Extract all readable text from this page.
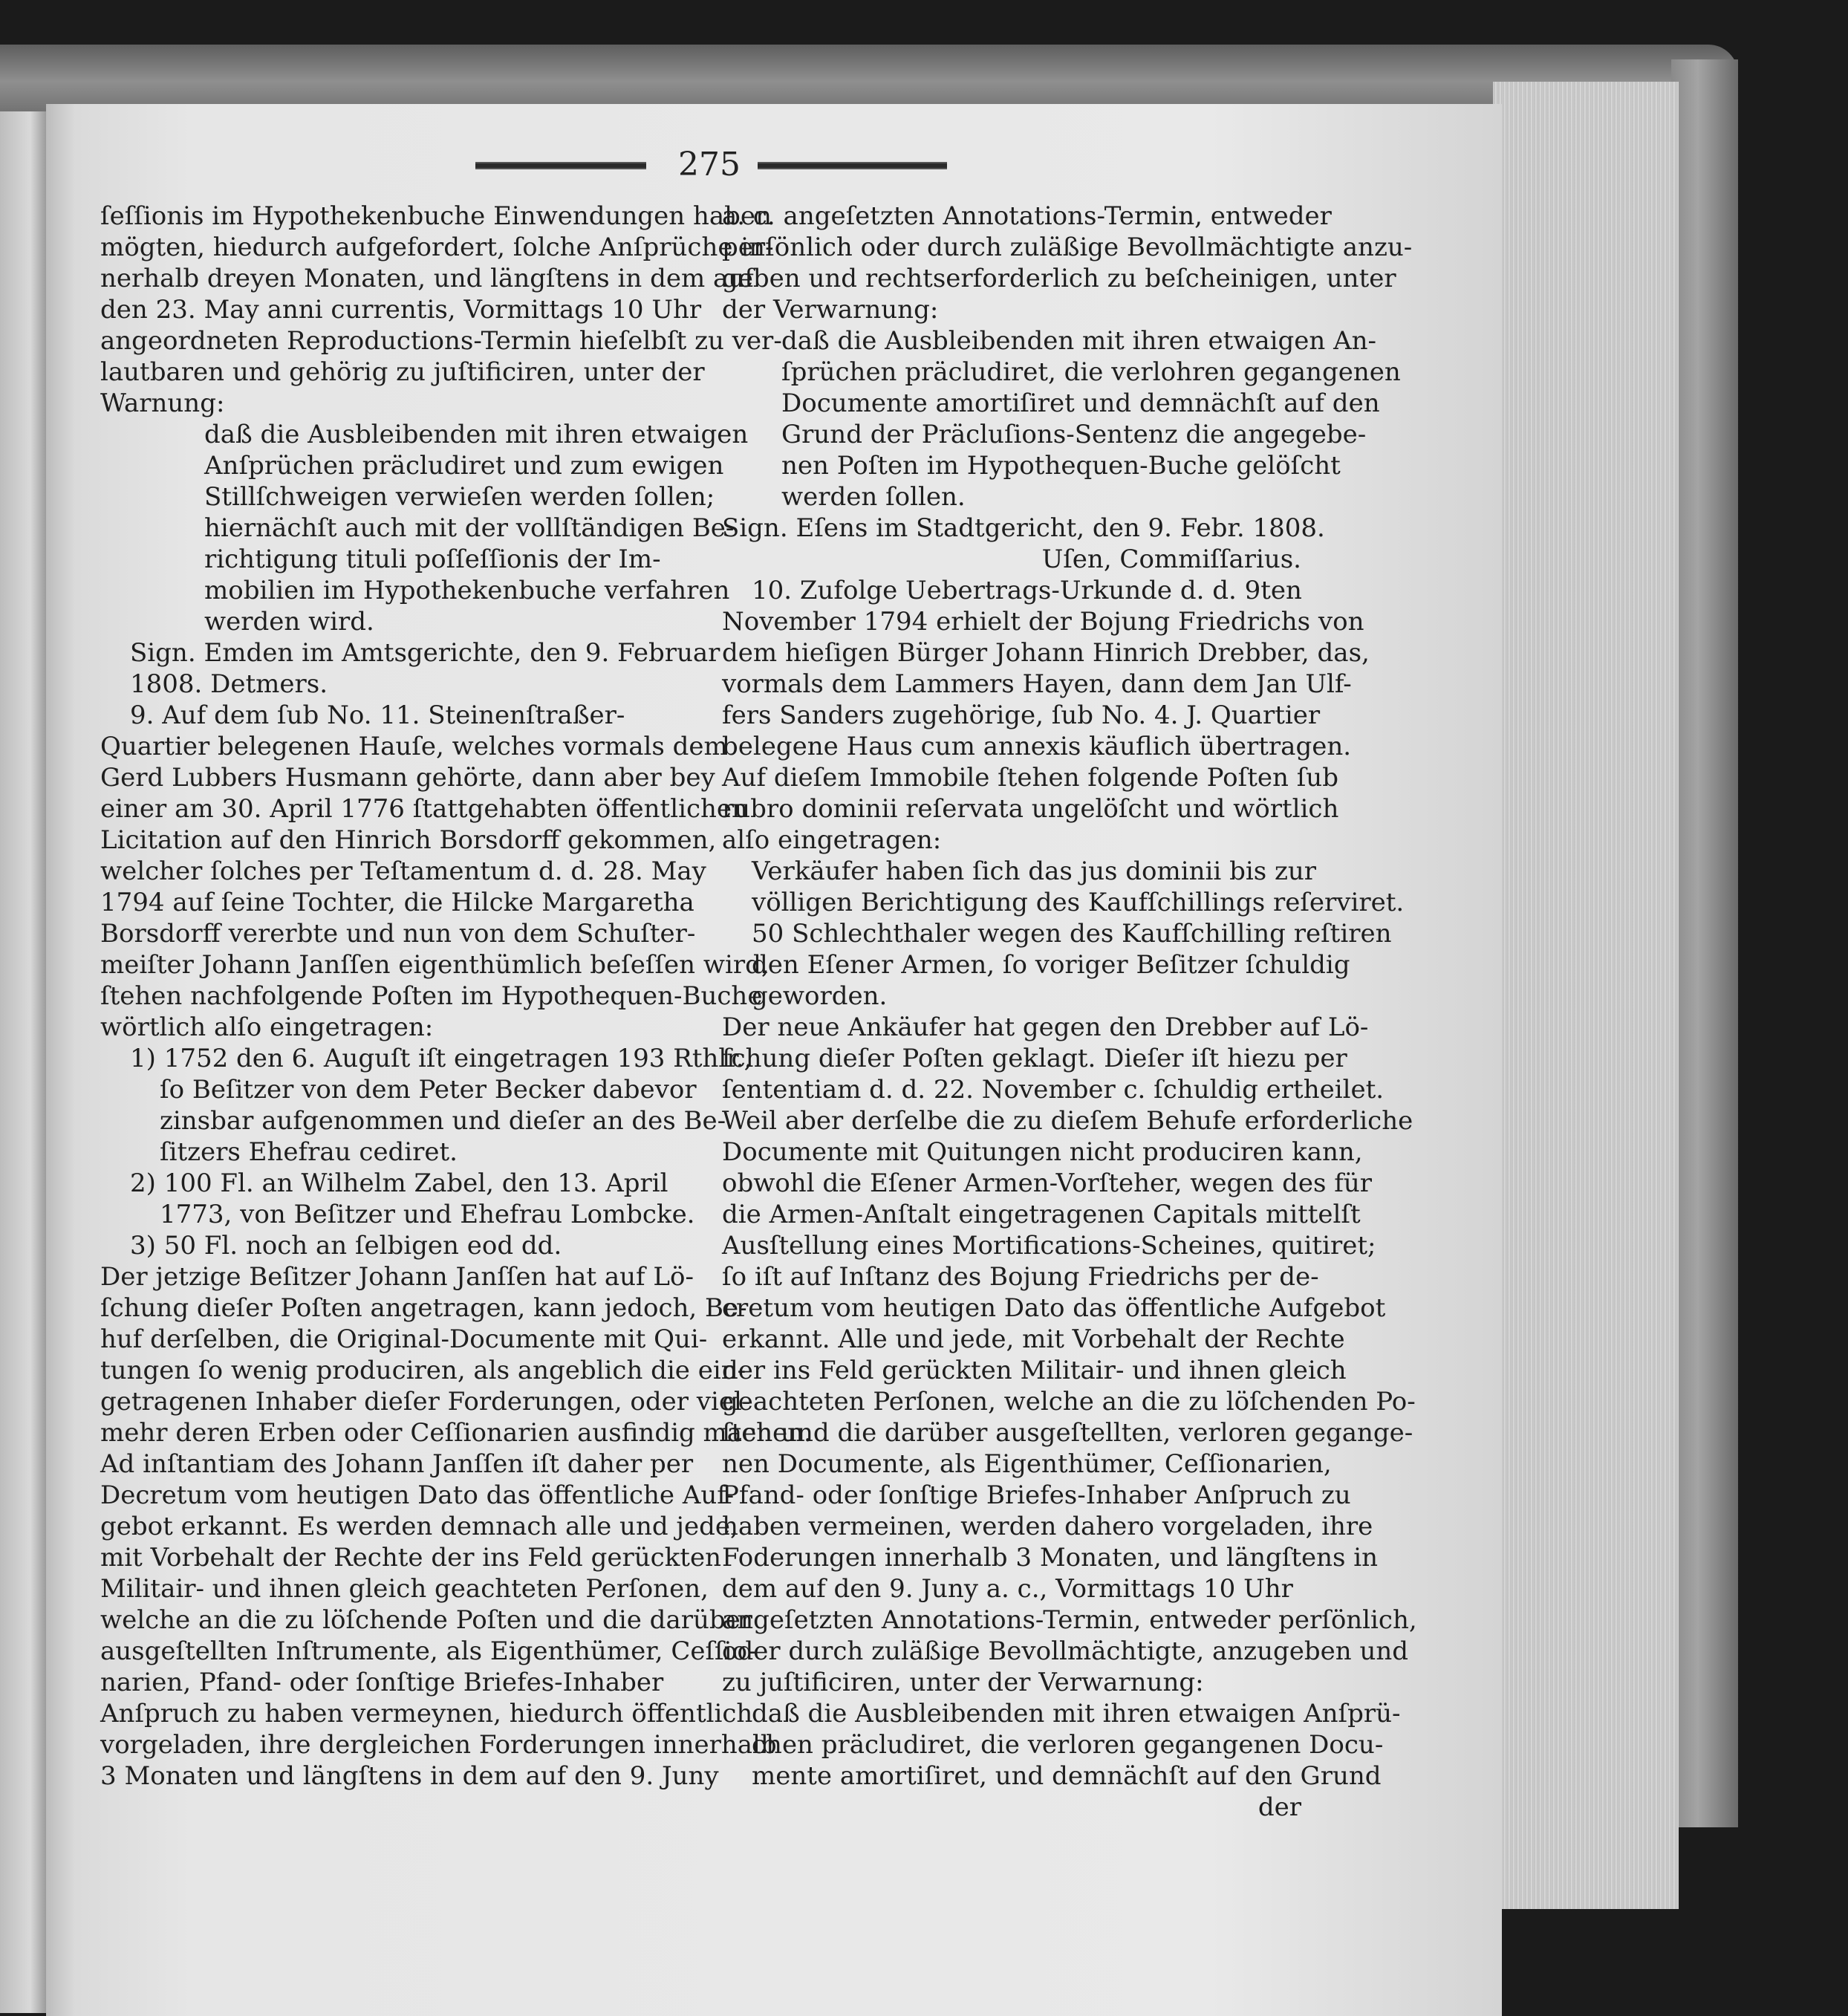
275
ſeſſionis im Hypothekenbuche Einwendungen haben
mögten, hiedurch aufgefordert, ſolche Anſprüche in-
nerhalb dreyen Monaten, und längſtens in dem auf
den 23. May anni currentis, Vormittags 10 Uhr
angeordneten Reproductions-Termin hieſelbſt zu ver-
lautbaren und gehörig zu juſtificiren, unter der
Warnung:
daß die Ausbleibenden mit ihren etwaigen
Anſprüchen präcludiret und zum ewigen
Stillſchweigen verwieſen werden ſollen;
hiernächſt auch mit der vollſtändigen Be-
richtigung tituli poſſeſſionis der Im-
mobilien im Hypothekenbuche verfahren
werden wird.
Sign. Emden im Amtsgerichte, den 9. Februar
1808. Detmers.
9. Auf dem ſub No. 11. Steinenſtraßer-
Quartier belegenen Hauſe, welches vormals dem
Gerd Lubbers Husmann gehörte, dann aber bey
einer am 30. April 1776 ſtattgehabten öffentlichen
Licitation auf den Hinrich Borsdorff gekommen,
welcher ſolches per Teſtamentum d. d. 28. May
1794 auf ſeine Tochter, die Hilcke Margaretha
Borsdorff vererbte und nun von dem Schuſter-
meiſter Johann Janſſen eigenthümlich beſeſſen wird,
ſtehen nachfolgende Poſten im Hypothequen-Buche
wörtlich alſo eingetragen:
1) 1752 den 6. Auguſt iſt eingetragen 193 Rthlr.,
ſo Beſitzer von dem Peter Becker dabevor
zinsbar aufgenommen und dieſer an des Be-
ſitzers Ehefrau cediret.
2) 100 Fl. an Wilhelm Zabel, den 13. April
1773, von Beſitzer und Ehefrau Lombcke.
3) 50 Fl. noch an ſelbigen eod dd.
Der jetzige Beſitzer Johann Janſſen hat auf Lö-
ſchung dieſer Poſten angetragen, kann jedoch, Be-
huf derſelben, die Original-Documente mit Qui-
tungen ſo wenig produciren, als angeblich die ein-
getragenen Inhaber dieſer Forderungen, oder viel-
mehr deren Erben oder Ceſſionarien ausfindig machen.
Ad inſtantiam des Johann Janſſen iſt daher per
Decretum vom heutigen Dato das öffentliche Auf-
gebot erkannt. Es werden demnach alle und jede,
mit Vorbehalt der Rechte der ins Feld gerückten
Militair- und ihnen gleich geachteten Perſonen,
welche an die zu löſchende Poſten und die darüber
ausgeſtellten Inſtrumente, als Eigenthümer, Ceſſio-
narien, Pfand- oder ſonſtige Briefes-Inhaber
Anſpruch zu haben vermeynen, hiedurch öffentlich
vorgeladen, ihre dergleichen Forderungen innerhalb
3 Monaten und längſtens in dem auf den 9. Juny
a. c. angeſetzten Annotations-Termin, entweder
perſönlich oder durch zuläßige Bevollmächtigte anzu-
geben und rechtserforderlich zu beſcheinigen, unter
der Verwarnung:
daß die Ausbleibenden mit ihren etwaigen An-
ſprüchen präcludiret, die verlohren gegangenen
Documente amortiſiret und demnächſt auf den
Grund der Präcluſions-Sentenz die angegebe-
nen Poſten im Hypothequen-Buche gelöſcht
werden ſollen.
Sign. Eſens im Stadtgericht, den 9. Febr. 1808.
Uſen, Commiſſarius.
10. Zufolge Uebertrags-Urkunde d. d. 9ten
November 1794 erhielt der Bojung Friedrichs von
dem hieſigen Bürger Johann Hinrich Drebber, das,
vormals dem Lammers Hayen, dann dem Jan Ulf-
fers Sanders zugehörige, ſub No. 4. J. Quartier
belegene Haus cum annexis käuflich übertragen.
Auf dieſem Immobile ſtehen folgende Poſten ſub
rubro dominii reſervata ungelöſcht und wörtlich
alſo eingetragen:
Verkäufer haben ſich das jus dominii bis zur
völligen Berichtigung des Kaufſchillings reſerviret.
50 Schlechthaler wegen des Kaufſchilling reſtiren
den Eſener Armen, ſo voriger Beſitzer ſchuldig
geworden.
Der neue Ankäufer hat gegen den Drebber auf Lö-
ſchung dieſer Poſten geklagt. Dieſer iſt hiezu per
ſententiam d. d. 22. November c. ſchuldig ertheilet.
Weil aber derſelbe die zu dieſem Behufe erforderliche
Documente mit Quitungen nicht produciren kann,
obwohl die Eſener Armen-Vorſteher, wegen des für
die Armen-Anſtalt eingetragenen Capitals mittelſt
Ausſtellung eines Mortifications-Scheines, quitiret;
ſo iſt auf Inſtanz des Bojung Friedrichs per de-
cretum vom heutigen Dato das öffentliche Aufgebot
erkannt. Alle und jede, mit Vorbehalt der Rechte
der ins Feld gerückten Militair- und ihnen gleich
geachteten Perſonen, welche an die zu löſchenden Po-
ſten und die darüber ausgeſtellten, verloren gegange-
nen Documente, als Eigenthümer, Ceſſionarien,
Pfand- oder ſonſtige Briefes-Inhaber Anſpruch zu
haben vermeinen, werden dahero vorgeladen, ihre
Foderungen innerhalb 3 Monaten, und längſtens in
dem auf den 9. Juny a. c., Vormittags 10 Uhr
angeſetzten Annotations-Termin, entweder perſönlich,
oder durch zuläßige Bevollmächtigte, anzugeben und
zu juſtificiren, unter der Verwarnung:
daß die Ausbleibenden mit ihren etwaigen Anſprü-
chen präcludiret, die verloren gegangenen Docu-
mente amortiſiret, und demnächſt auf den Grund
der
